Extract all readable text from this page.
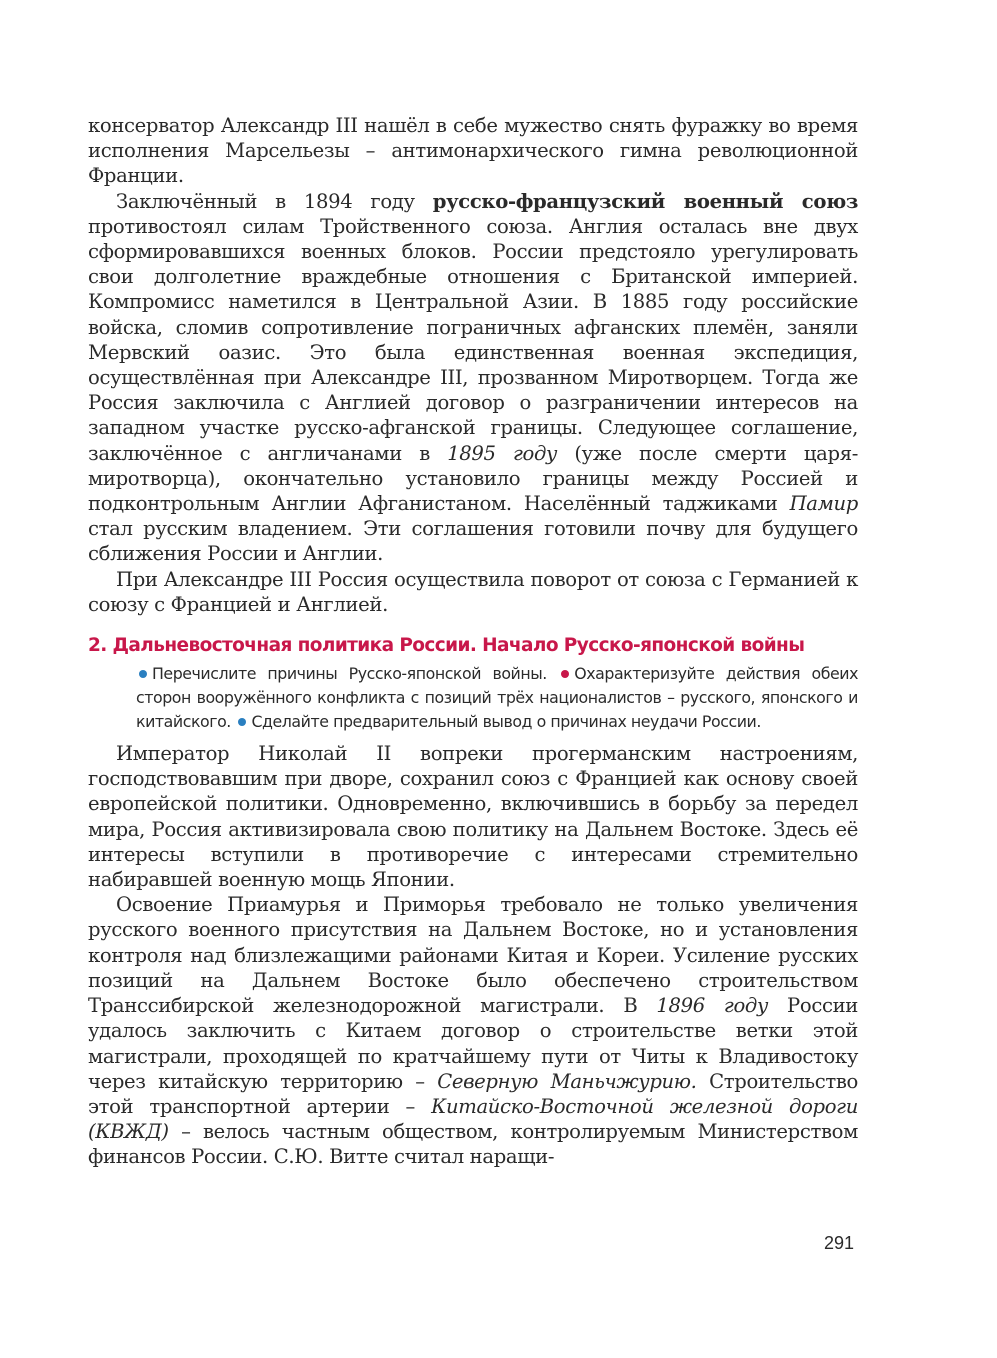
консерватор Александр III нашёл в себе мужество снять фуражку во время исполнения Марсельезы – антимонархического гимна революционной Франции.

Заключённый в 1894 году русско-французский военный союз противостоял силам Тройственного союза. Англия осталась вне двух сформировавшихся военных блоков. России предстояло урегулировать свои долголетние враждебные отношения с Британской империей. Компромисс наметился в Центральной Азии. В 1885 году российские войска, сломив сопротивление пограничных афганских племён, заняли Мервский оазис. Это была единственная военная экспедиция, осуществлённая при Александре III, прозванном Миротворцем. Тогда же Россия заключила с Англией договор о разграничении интересов на западном участке русско-афганской границы. Следующее соглашение, заключённое с англичанами в 1895 году (уже после смерти царя-миротворца), окончательно установило границы между Россией и подконтрольным Англии Афганистаном. Населённый таджиками Памир стал русским владением. Эти соглашения готовили почву для будущего сближения России и Англии.

При Александре III Россия осуществила поворот от союза с Германией к союзу с Францией и Англией.

2. Дальневосточная политика России. Начало Русско-японской войны
Перечислите причины Русско-японской войны. Охарактеризуйте действия обеих сторон вооружённого конфликта с позиций трёх националистов – русского, японского и китайского. Сделайте предварительный вывод о причинах неудачи России.

Император Николай II вопреки прогерманским настроениям, господствовавшим при дворе, сохранил союз с Францией как основу своей европейской политики. Одновременно, включившись в борьбу за передел мира, Россия активизировала свою политику на Дальнем Востоке. Здесь её интересы вступили в противоречие с интересами стремительно набиравшей военную мощь Японии.

Освоение Приамурья и Приморья требовало не только увеличения русского военного присутствия на Дальнем Востоке, но и установления контроля над близлежащими районами Китая и Кореи. Усиление русских позиций на Дальнем Востоке было обеспечено строительством Транссибирской железнодорожной магистрали. В 1896 году России удалось заключить с Китаем договор о строительстве ветки этой магистрали, проходящей по кратчайшему пути от Читы к Владивостоку через китайскую территорию – Северную Маньчжурию. Строительство этой транспортной артерии – Китайско-Восточной железной дороги (КВЖД) – велось частным обществом, контролируемым Министерством финансов России. С.Ю. Витте считал наращи-

291
